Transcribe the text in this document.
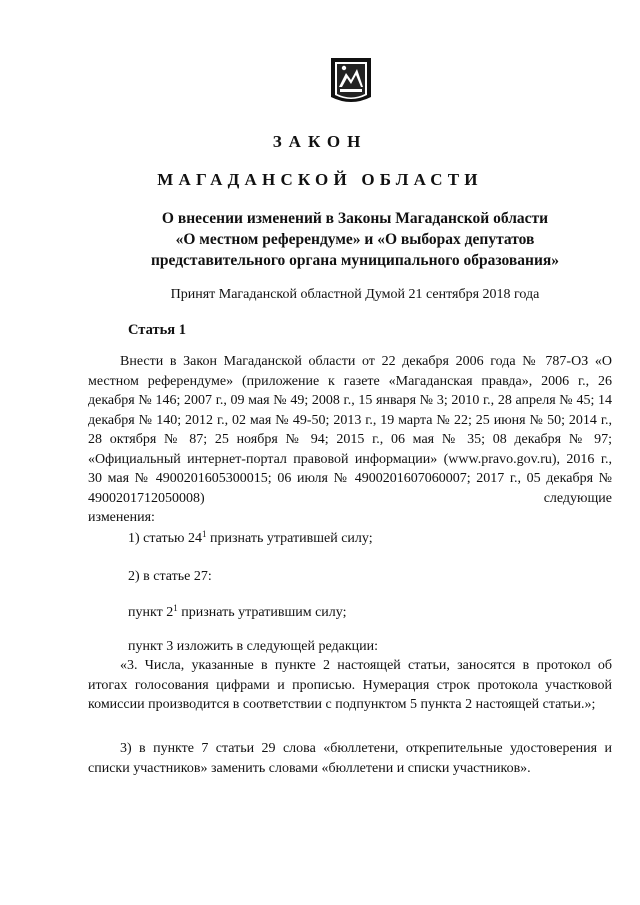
ЗАКОН
МАГАДАНСКОЙ ОБЛАСТИ
О внесении изменений в Законы Магаданской области
«О местном референдуме» и «О выборах депутатов
представительного органа муниципального образования»
Принят Магаданской областной Думой 21 сентября 2018 года
Статья 1
Внести в Закон Магаданской области от 22 декабря 2006 года № 787-ОЗ «О местном референдуме» (приложение к газете «Магаданская правда», 2006 г., 26 декабря № 146; 2007 г., 09 мая № 49; 2008 г., 15 января № 3; 2010 г., 28 апреля № 45; 14 декабря № 140; 2012 г., 02 мая № 49-50; 2013 г., 19 марта № 22; 25 июня № 50; 2014 г., 28 октября № 87; 25 ноября № 94; 2015 г., 06 мая № 35; 08 декабря № 97; «Официальный интернет-портал правовой информации» (www.pravo.gov.ru), 2016 г., 30 мая № 4900201605300015; 06 июля № 4900201607060007; 2017 г., 05 декабря № 4900201712050008) следующие
изменения:
1) статью $24^1$ признать утратившей силу;
2) в статье 27:
пункт $2^1$ признать утратившим силу;
пункт 3 изложить в следующей редакции:
«3. Числа, указанные в пункте 2 настоящей статьи, заносятся в протокол об итогах голосования цифрами и прописью. Нумерация строк протокола участковой комиссии производится в соответствии с подпунктом 5 пункта 2 настоящей статьи.»;
3) в пункте 7 статьи 29 слова «бюллетени, открепительные удостоверения и списки участников» заменить словами «бюллетени и списки участников».
